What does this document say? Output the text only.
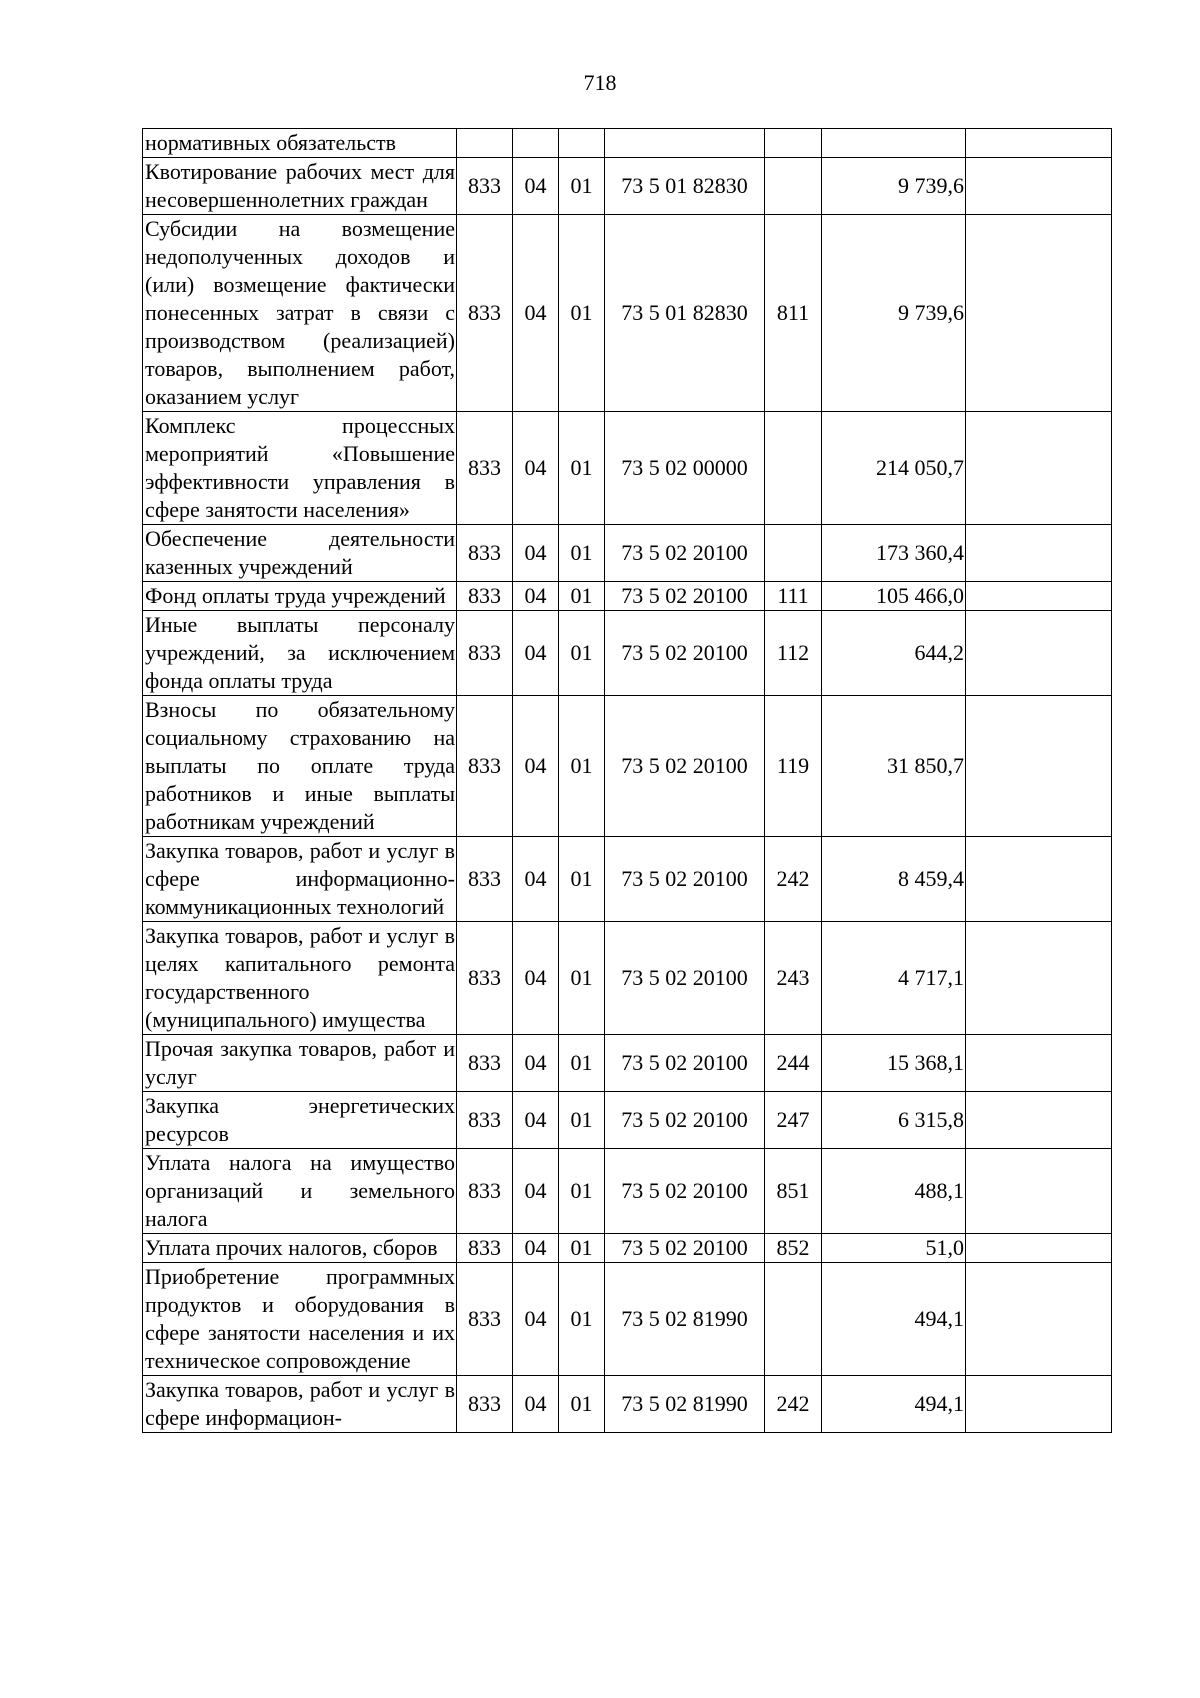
718
нормативных обязательств							
Квотирование рабочих мест для несовершеннолетних граждан	833	04	01	73 5 01 82830		9 739,6	
Субсидии на возмещение недополученных доходов и (или) возмещение фактически понесенных затрат в связи с производством (реализацией) товаров, выполнением работ, оказанием услуг	833	04	01	73 5 01 82830	811	9 739,6	
Комплекс процессных мероприятий «Повышение эффективности управления в сфере занятости населения»	833	04	01	73 5 02 00000		214 050,7	
Обеспечение деятельности казенных учреждений	833	04	01	73 5 02 20100		173 360,4	
Фонд оплаты труда учреждений	833	04	01	73 5 02 20100	111	105 466,0	
Иные выплаты персоналу учреждений, за исключением фонда оплаты труда	833	04	01	73 5 02 20100	112	644,2	
Взносы по обязательному социальному страхованию на выплаты по оплате труда работников и иные выплаты работникам учреждений	833	04	01	73 5 02 20100	119	31 850,7	
Закупка товаров, работ и услуг в сфере информационно-коммуникационных технологий	833	04	01	73 5 02 20100	242	8 459,4	
Закупка товаров, работ и услуг в целях капитального ремонта государственного (муниципального) имущества	833	04	01	73 5 02 20100	243	4 717,1	
Прочая закупка товаров, работ и услуг	833	04	01	73 5 02 20100	244	15 368,1	
Закупка энергетических ресурсов	833	04	01	73 5 02 20100	247	6 315,8	
Уплата налога на имущество организаций и земельного налога	833	04	01	73 5 02 20100	851	488,1	
Уплата прочих налогов, сборов	833	04	01	73 5 02 20100	852	51,0	
Приобретение программных продуктов и оборудования в сфере занятости населения и их техническое сопровождение	833	04	01	73 5 02 81990		494,1	
Закупка товаров, работ и услуг в сфере информацион-	833	04	01	73 5 02 81990	242	494,1	
